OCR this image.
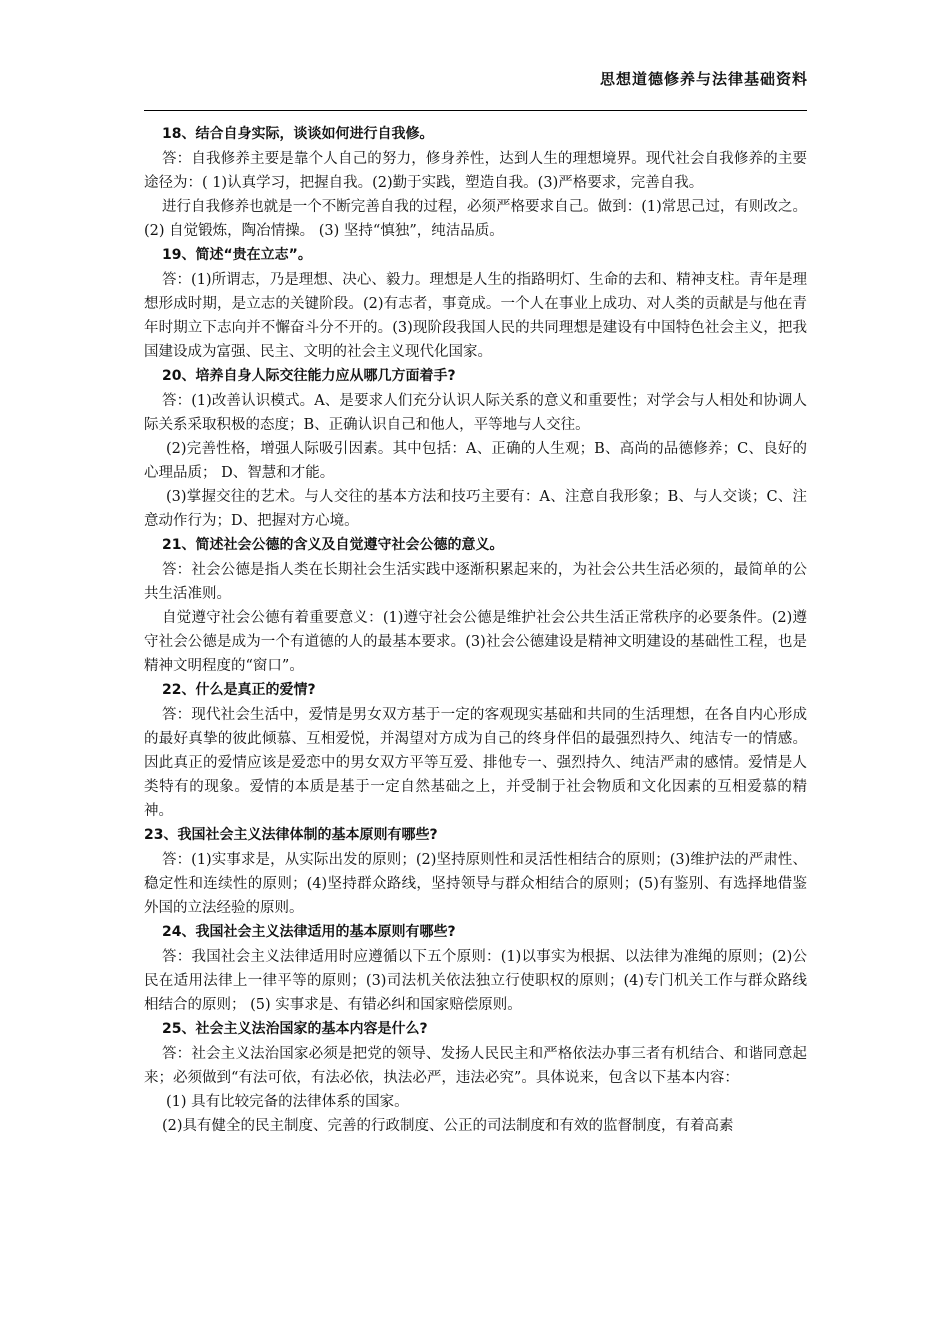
思想道德修养与法律基础资料

18、结合自身实际，谈谈如何进行自我修。

答：自我修养主要是靠个人自己的努力，修身养性，达到人生的理想境界。现代社会自我修养的主要途径为：( 1)认真学习，把握自我。(2)勤于实践，塑造自我。(3)严格要求，完善自我。

进行自我修养也就是一个不断完善自我的过程，必须严格要求自己。做到：(1)常思己过，有则改之。 (2) 自觉锻炼，陶冶情操。 (3) 坚持“慎独”，纯洁品质。

19、简述“贵在立志”。

答：(1)所谓志，乃是理想、决心、毅力。理想是人生的指路明灯、生命的去和、精神支柱。青年是理想形成时期，是立志的关键阶段。(2)有志者，事竟成。一个人在事业上成功、对人类的贡献是与他在青年时期立下志向并不懈奋斗分不开的。(3)现阶段我国人民的共同理想是建设有中国特色社会主义，把我国建设成为富强、民主、文明的社会主义现代化国家。

20、培养自身人际交往能力应从哪几方面着手?

答：(1)改善认识模式。A、是要求人们充分认识人际关系的意义和重要性；对学会与人相处和协调人际关系采取积极的态度；B、正确认识自己和他人，平等地与人交往。

(2)完善性格，增强人际吸引因素。其中包括：A、正确的人生观；B、高尚的品德修养；C、良好的心理品质； D、智慧和才能。

(3)掌握交往的艺术。与人交往的基本方法和技巧主要有：A、注意自我形象；B、与人交谈；C、注意动作行为；D、把握对方心境。

21、简述社会公德的含义及自觉遵守社会公德的意义。

答：社会公德是指人类在长期社会生活实践中逐渐积累起来的，为社会公共生活必须的，最简单的公共生活准则。

自觉遵守社会公德有着重要意义：(1)遵守社会公德是维护社会公共生活正常秩序的必要条件。(2)遵守社会公德是成为一个有道德的人的最基本要求。(3)社会公德建设是精神文明建设的基础性工程，也是精神文明程度的“窗口”。

22、什么是真正的爱情?

答：现代社会生活中，爱情是男女双方基于一定的客观现实基础和共同的生活理想，在各自内心形成的最好真挚的彼此倾慕、互相爱悦，并渴望对方成为自己的终身伴侣的最强烈持久、纯洁专一的情感。因此真正的爱情应该是爱恋中的男女双方平等互爱、排他专一、强烈持久、纯洁严肃的感情。爱情是人类特有的现象。爱情的本质是基于一定自然基础之上，并受制于社会物质和文化因素的互相爱慕的精神。

23、我国社会主义法律体制的基本原则有哪些?

答：(1)实事求是，从实际出发的原则；(2)坚持原则性和灵活性相结合的原则；(3)维护法的严肃性、稳定性和连续性的原则；(4)坚持群众路线，坚持领导与群众相结合的原则；(5)有鉴别、有选择地借鉴外国的立法经验的原则。

24、我国社会主义法律适用的基本原则有哪些?

答：我国社会主义法律适用时应遵循以下五个原则：(1)以事实为根据、以法律为准绳的原则；(2)公民在适用法律上一律平等的原则；(3)司法机关依法独立行使职权的原则；(4)专门机关工作与群众路线相结合的原则； (5) 实事求是、有错必纠和国家赔偿原则。

25、社会主义法治国家的基本内容是什么?

答：社会主义法治国家必须是把党的领导、发扬人民民主和严格依法办事三者有机结合、和谐同意起来；必须做到“有法可依，有法必依，执法必严，违法必究”。具体说来，包含以下基本内容：

(1) 具有比较完备的法律体系的国家。

(2)具有健全的民主制度、完善的行政制度、公正的司法制度和有效的监督制度，有着高素
